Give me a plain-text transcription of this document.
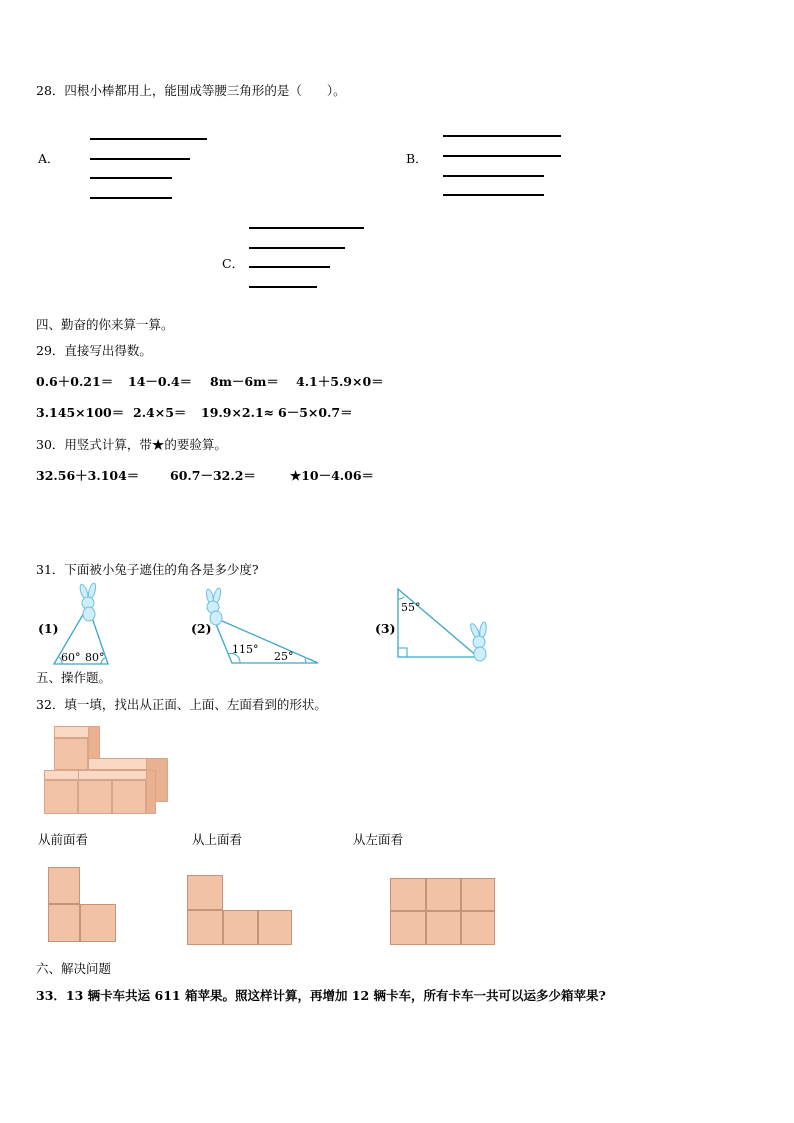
28．四根小棒都用上，能围成等腰三角形的是（　　）。
A．	B．
C．
四、勤奋的你来算一算。
29．直接写出得数。
0.6＋0.21＝ 14－0.4＝ 8m－6m＝ 4.1＋5.9×0＝
3.145×100＝ 2.4×5＝ 19.9×2.1≈ 6－5×0.7＝
30．用竖式计算，带★的要验算。
32.56＋3.104＝ 60.7－32.2＝	★10－4.06＝
31．下面被小兔子遮住的角各是多少度?
(1)
60° 80°
(2)
115°
25°
(3)
55°
五、操作题。
32．填一填，找出从正面、上面、左面看到的形状。
从前面看	从上面看	从左面看
六、解决问题
33．13 辆卡车共运 611 箱苹果。照这样计算，再增加 12 辆卡车，所有卡车一共可以运多少箱苹果?
